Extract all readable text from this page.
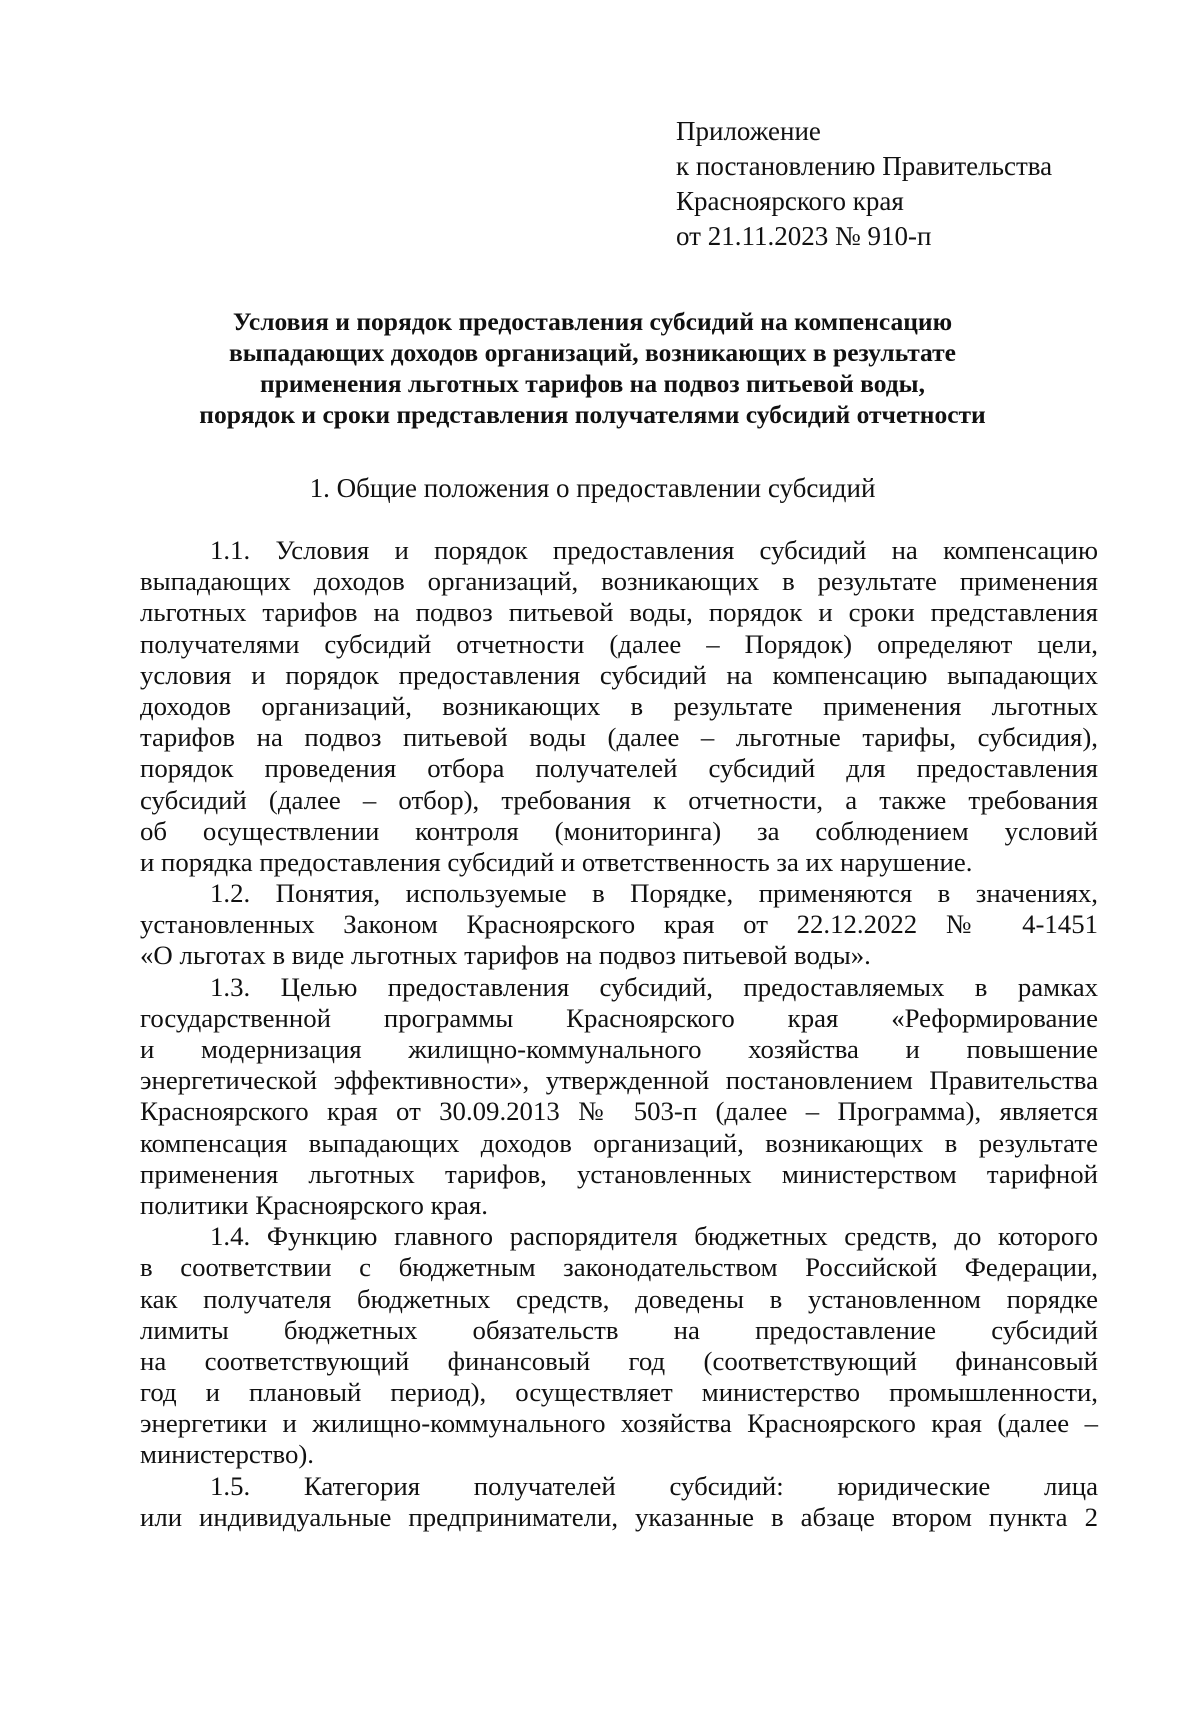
Приложение
к постановлению Правительства
Красноярского края
от 21.11.2023 № 910-п
Условия и порядок предоставления субсидий на компенсацию
выпадающих доходов организаций, возникающих в результате
применения льготных тарифов на подвоз питьевой воды,
порядок и сроки представления получателями субсидий отчетности
1. Общие положения о предоставлении субсидий
1.1. Условия и порядок предоставления субсидий на компенсацию
выпадающих доходов организаций, возникающих в результате применения
льготных тарифов на подвоз питьевой воды, порядок и сроки представления
получателями субсидий отчетности (далее – Порядок) определяют цели,
условия и порядок предоставления субсидий на компенсацию выпадающих
доходов организаций, возникающих в результате применения льготных
тарифов на подвоз питьевой воды (далее – льготные тарифы, субсидия),
порядок проведения отбора получателей субсидий для предоставления
субсидий (далее – отбор), требования к отчетности, а также требования
об осуществлении контроля (мониторинга) за соблюдением условий
и порядка предоставления субсидий и ответственность за их нарушение.
1.2. Понятия, используемые в Порядке, применяются в значениях,
установленных Законом Красноярского края от 22.12.2022 № 4-1451
«О льготах в виде льготных тарифов на подвоз питьевой воды».
1.3. Целью предоставления субсидий, предоставляемых в рамках
государственной программы Красноярского края «Реформирование
и модернизация жилищно-коммунального хозяйства и повышение
энергетической эффективности», утвержденной постановлением Правительства
Красноярского края от 30.09.2013 № 503-п (далее – Программа), является
компенсация выпадающих доходов организаций, возникающих в результате
применения льготных тарифов, установленных министерством тарифной
политики Красноярского края.
1.4. Функцию главного распорядителя бюджетных средств, до которого
в соответствии с бюджетным законодательством Российской Федерации,
как получателя бюджетных средств, доведены в установленном порядке
лимиты бюджетных обязательств на предоставление субсидий
на соответствующий финансовый год (соответствующий финансовый
год и плановый период), осуществляет министерство промышленности,
энергетики и жилищно-коммунального хозяйства Красноярского края (далее –
министерство).
1.5. Категория получателей субсидий: юридические лица
или индивидуальные предприниматели, указанные в абзаце втором пункта 2
